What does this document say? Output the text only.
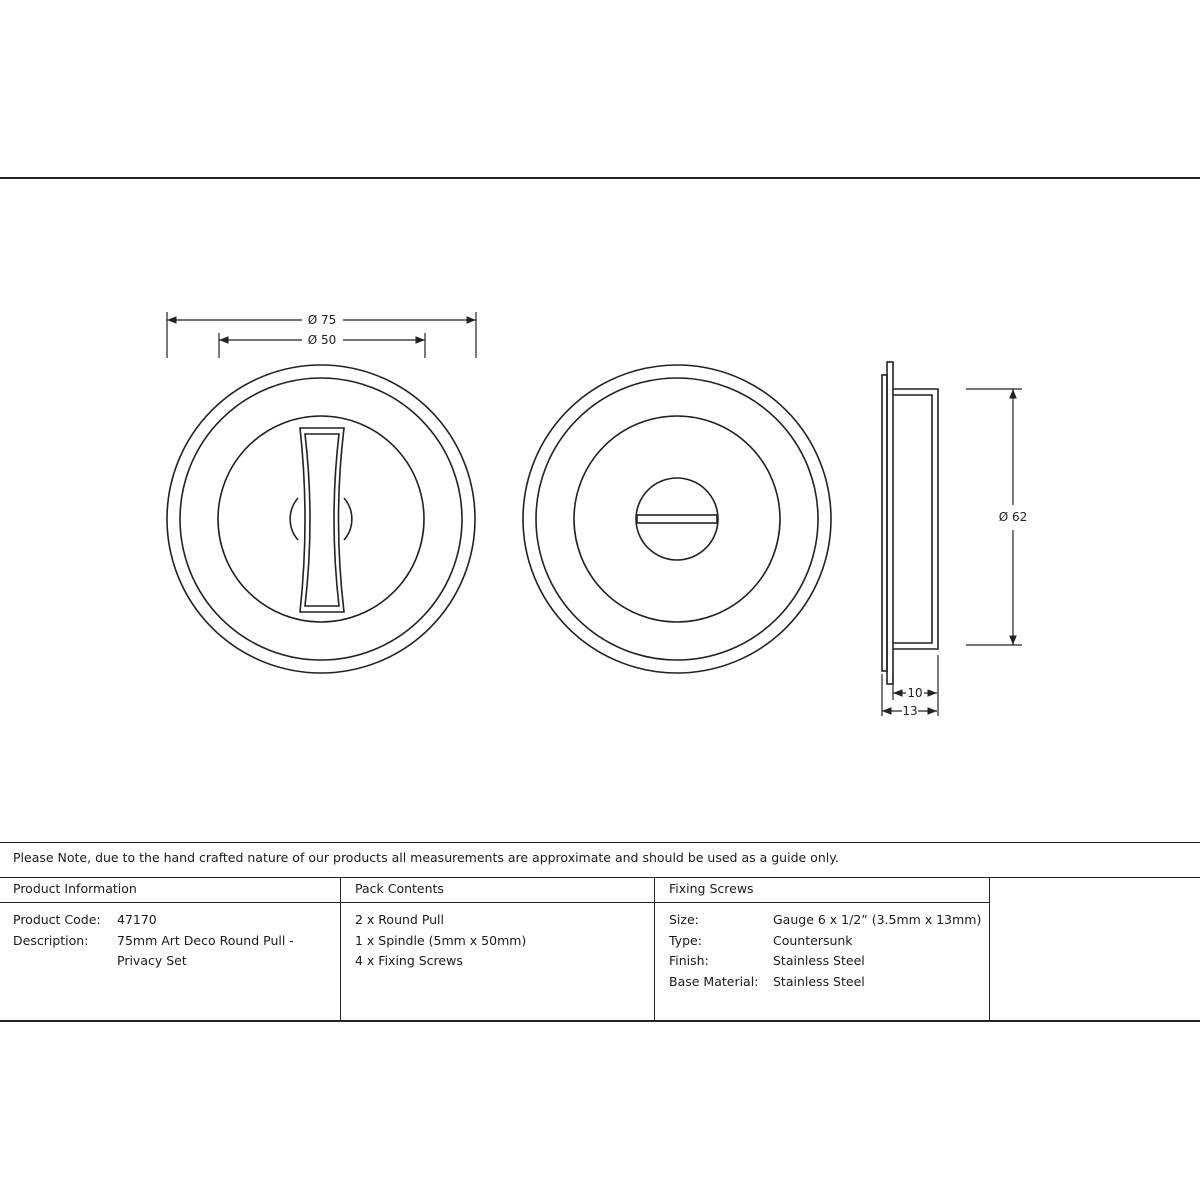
Ø 75
Ø 50
Ø 62
10
13
Please Note, due to the hand crafted nature of our products all measurements are approximate and should be used as a guide only.
Product Information	Pack Contents	Fixing Screws
Product Code:
Description:
47170
75mm Art Deco Round Pull - Privacy Set
2 x Round Pull
1 x Spindle (5mm x 50mm)
4 x Fixing Screws
Size:
Type:
Finish:
Base Material:
Gauge 6 x 1/2” (3.5mm x 13mm)
Countersunk
Stainless Steel
Stainless Steel
